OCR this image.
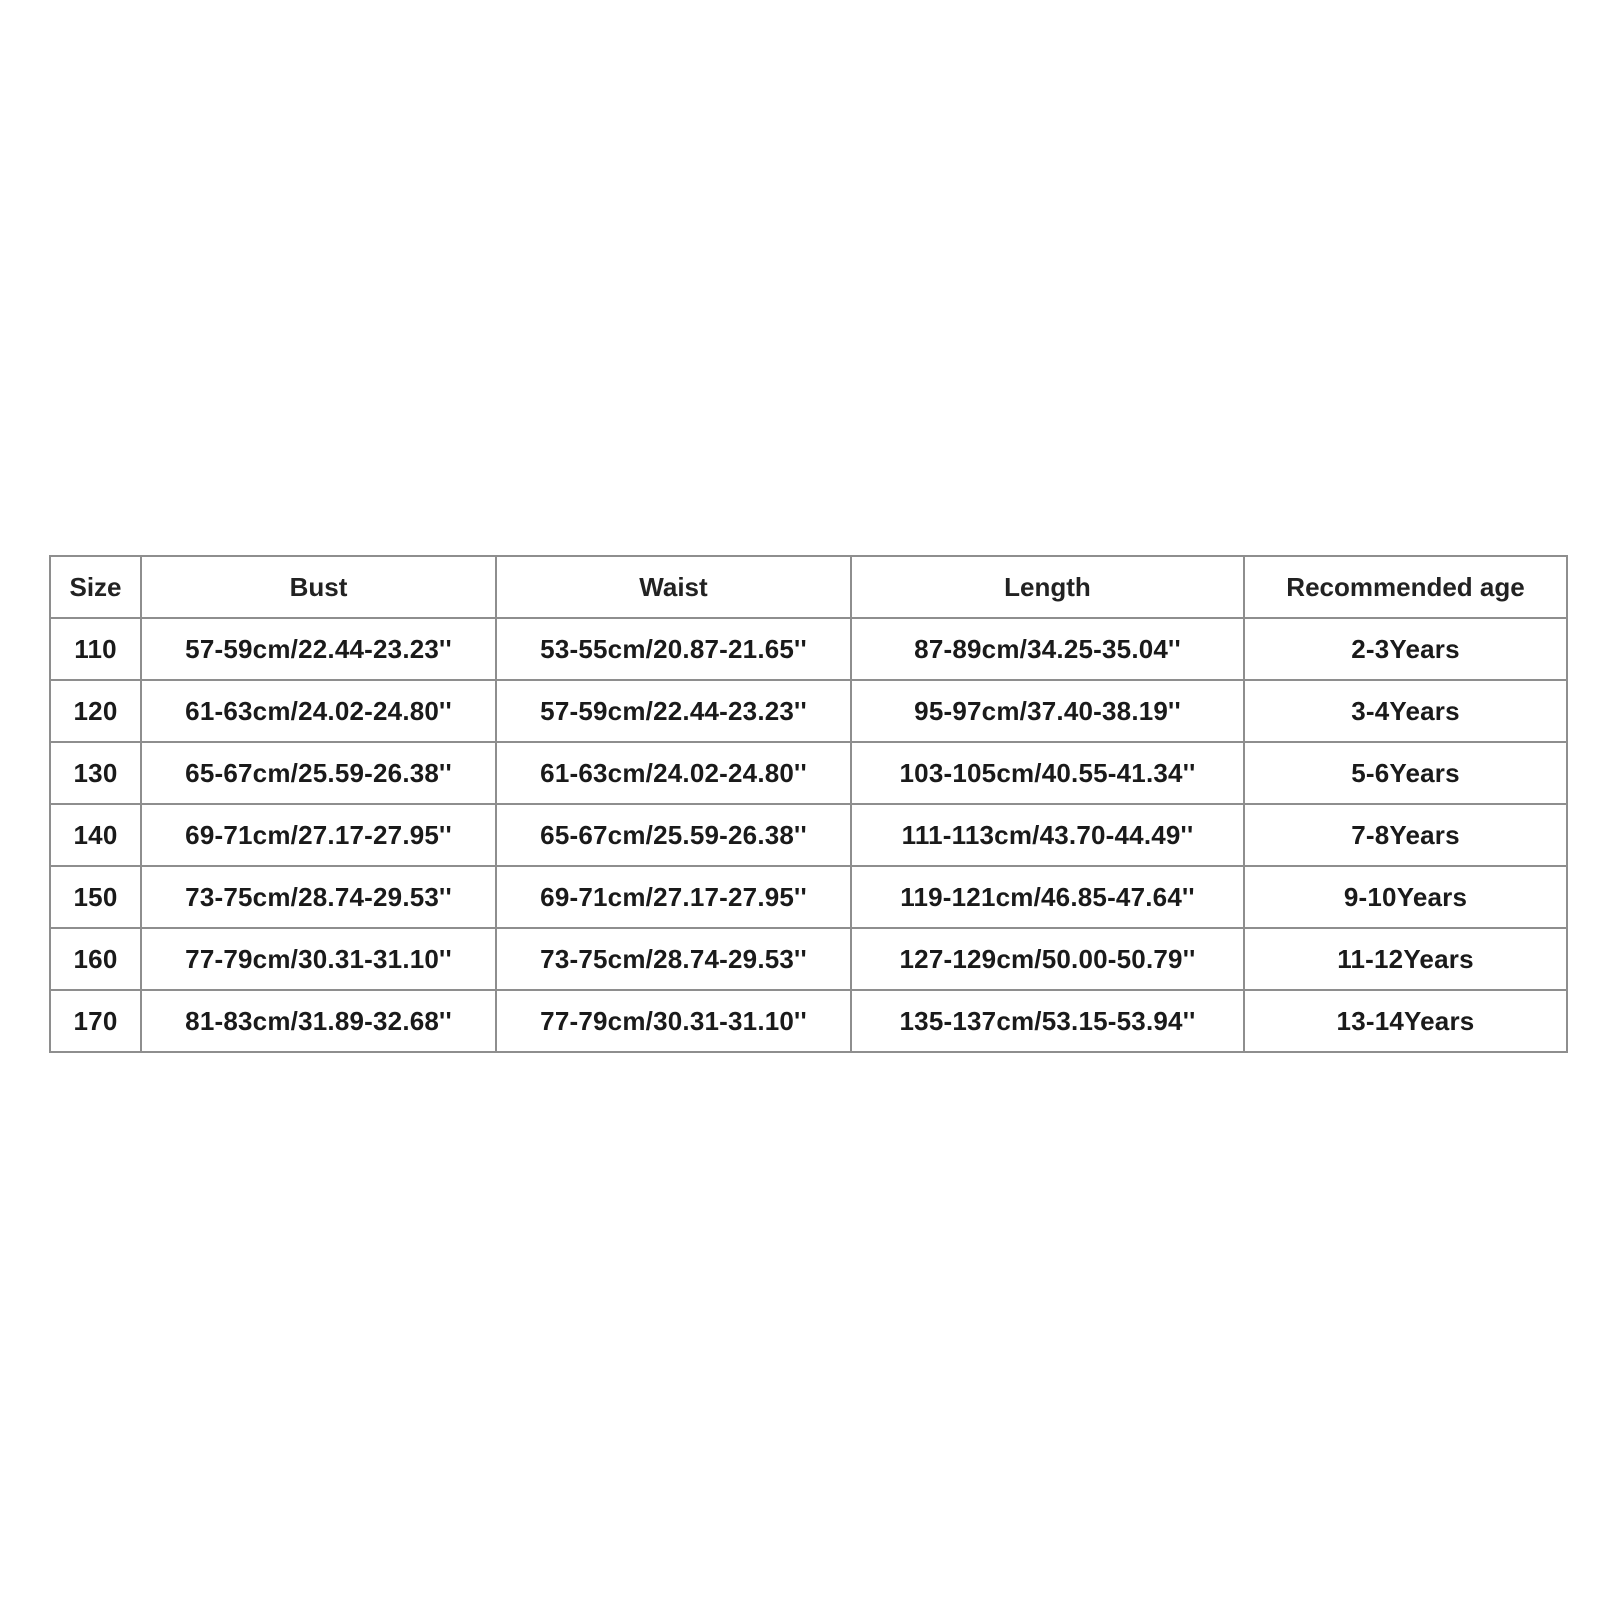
Size	Bust	Waist	Length	Recommended age
110	57-59cm/22.44-23.23''	53-55cm/20.87-21.65''	87-89cm/34.25-35.04''	2-3Years
120	61-63cm/24.02-24.80''	57-59cm/22.44-23.23''	95-97cm/37.40-38.19''	3-4Years
130	65-67cm/25.59-26.38''	61-63cm/24.02-24.80''	103-105cm/40.55-41.34''	5-6Years
140	69-71cm/27.17-27.95''	65-67cm/25.59-26.38''	111-113cm/43.70-44.49''	7-8Years
150	73-75cm/28.74-29.53''	69-71cm/27.17-27.95''	119-121cm/46.85-47.64''	9-10Years
160	77-79cm/30.31-31.10''	73-75cm/28.74-29.53''	127-129cm/50.00-50.79''	11-12Years
170	81-83cm/31.89-32.68''	77-79cm/30.31-31.10''	135-137cm/53.15-53.94''	13-14Years
